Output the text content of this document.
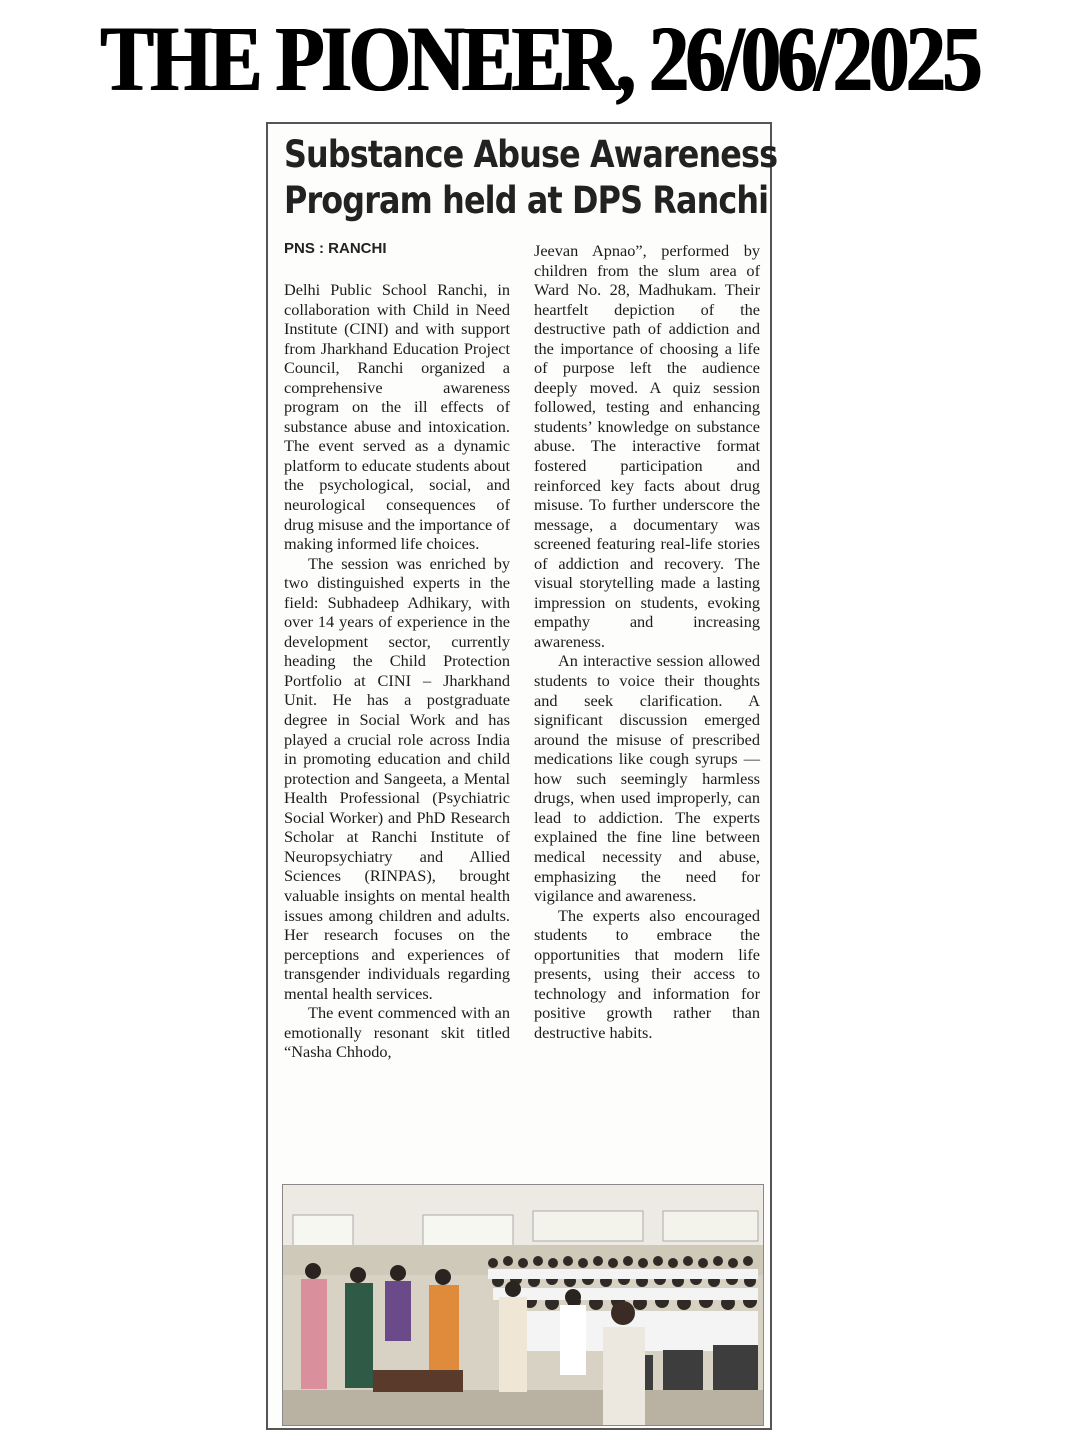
THE PIONEER, 26/06/2025
Substance Abuse Awareness
Program held at DPS Ranchi
PNS : RANCHI

Delhi Public School Ranchi, in collaboration with Child in Need Institute (CINI) and with support from Jharkhand Education Project Council, Ranchi organized a comprehensive awareness program on the ill effects of substance abuse and intoxication. The event served as a dynamic platform to educate students about the psychological, social, and neurological consequences of drug misuse and the importance of making informed life choices.

The session was enriched by two distinguished experts in the field: Subhadeep Adhikary, with over 14 years of experience in the development sector, currently heading the Child Protection Portfolio at CINI – Jharkhand Unit. He has a postgraduate degree in Social Work and has played a crucial role across India in promoting education and child protection and Sangeeta, a Mental Health Professional (Psychiatric Social Worker) and PhD Research Scholar at Ranchi Institute of Neuropsychiatry and Allied Sciences (RINPAS), brought valuable insights on mental health issues among children and adults. Her research focuses on the perceptions and experiences of transgender individuals regarding mental health services.

The event commenced with an emotionally resonant skit titled “Nasha Chhodo,

Jeevan Apnao”, performed by children from the slum area of Ward No. 28, Madhukam. Their heartfelt depiction of the destructive path of addiction and the importance of choosing a life of purpose left the audience deeply moved. A quiz session followed, testing and enhancing students’ knowledge on substance abuse. The interactive format fostered participation and reinforced key facts about drug misuse. To further underscore the message, a documentary was screened featuring real-life stories of addiction and recovery. The visual storytelling made a lasting impression on students, evoking empathy and increasing awareness.

An interactive session allowed students to voice their thoughts and seek clarification. A significant discussion emerged around the misuse of prescribed medications like cough syrups — how such seemingly harmless drugs, when used improperly, can lead to addiction. The experts explained the fine line between medical necessity and abuse, emphasizing the need for vigilance and awareness.

The experts also encouraged students to embrace the opportunities that modern life presents, using their access to technology and information for positive growth rather than destructive habits.
